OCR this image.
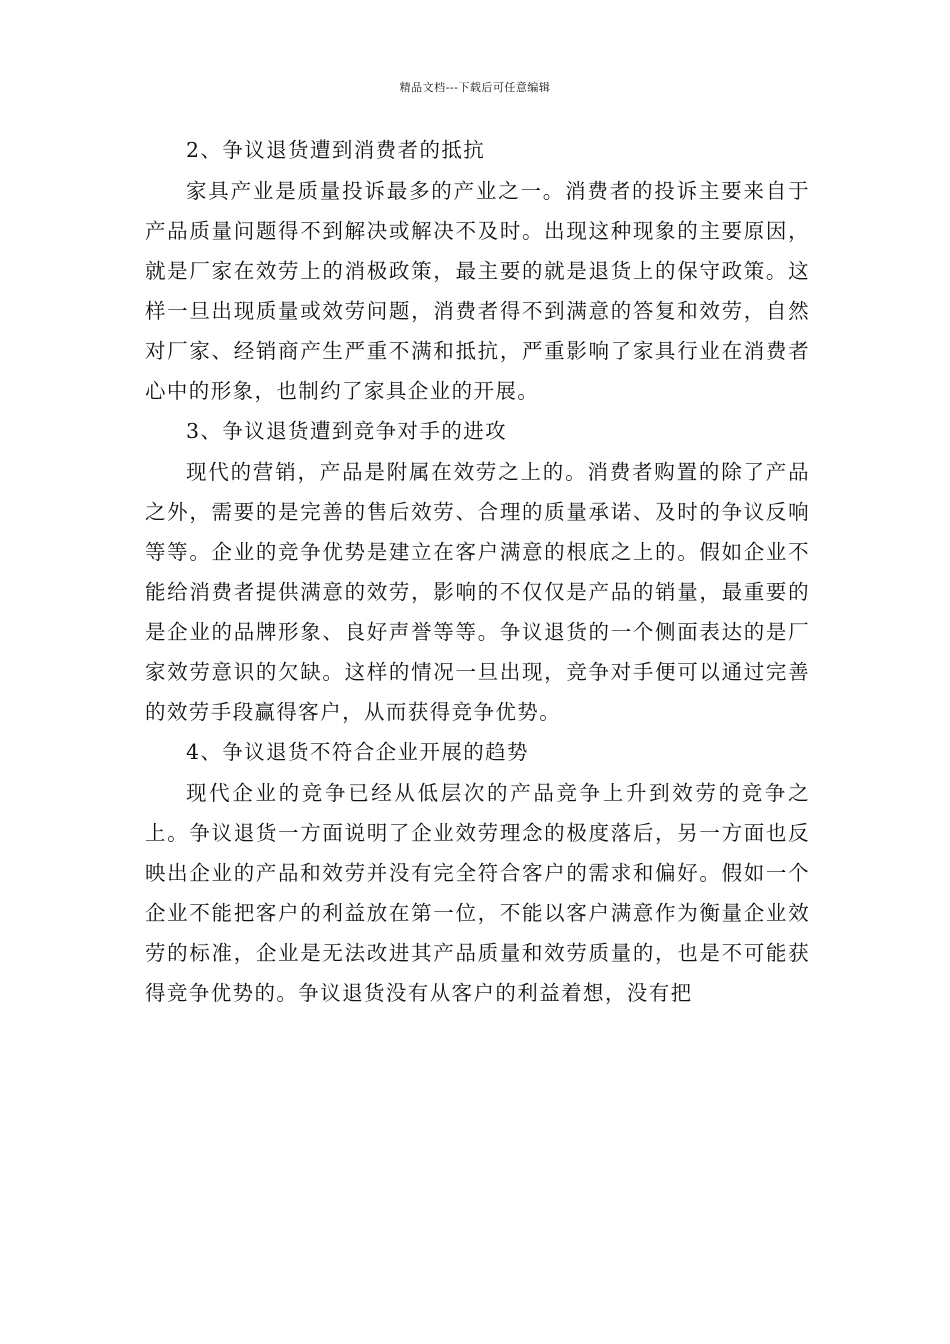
精品文档---下载后可任意编辑

2、争议退货遭到消费者的抵抗

家具产业是质量投诉最多的产业之一。消费者的投诉主要来自于产品质量问题得不到解决或解决不及时。出现这种现象的主要原因，就是厂家在效劳上的消极政策，最主要的就是退货上的保守政策。这样一旦出现质量或效劳问题，消费者得不到满意的答复和效劳，自然对厂家、经销商产生严重不满和抵抗，严重影响了家具行业在消费者心中的形象，也制约了家具企业的开展。

3、争议退货遭到竞争对手的进攻

现代的营销，产品是附属在效劳之上的。消费者购置的除了产品之外，需要的是完善的售后效劳、合理的质量承诺、及时的争议反响等等。企业的竞争优势是建立在客户满意的根底之上的。假如企业不能给消费者提供满意的效劳，影响的不仅仅是产品的销量，最重要的是企业的品牌形象、良好声誉等等。争议退货的一个侧面表达的是厂家效劳意识的欠缺。这样的情况一旦出现，竞争对手便可以通过完善的效劳手段赢得客户，从而获得竞争优势。

4、争议退货不符合企业开展的趋势

现代企业的竞争已经从低层次的产品竞争上升到效劳的竞争之上。争议退货一方面说明了企业效劳理念的极度落后，另一方面也反映出企业的产品和效劳并没有完全符合客户的需求和偏好。假如一个企业不能把客户的利益放在第一位，不能以客户满意作为衡量企业效劳的标准，企业是无法改进其产品质量和效劳质量的，也是不可能获得竞争优势的。争议退货没有从客户的利益着想，没有把
